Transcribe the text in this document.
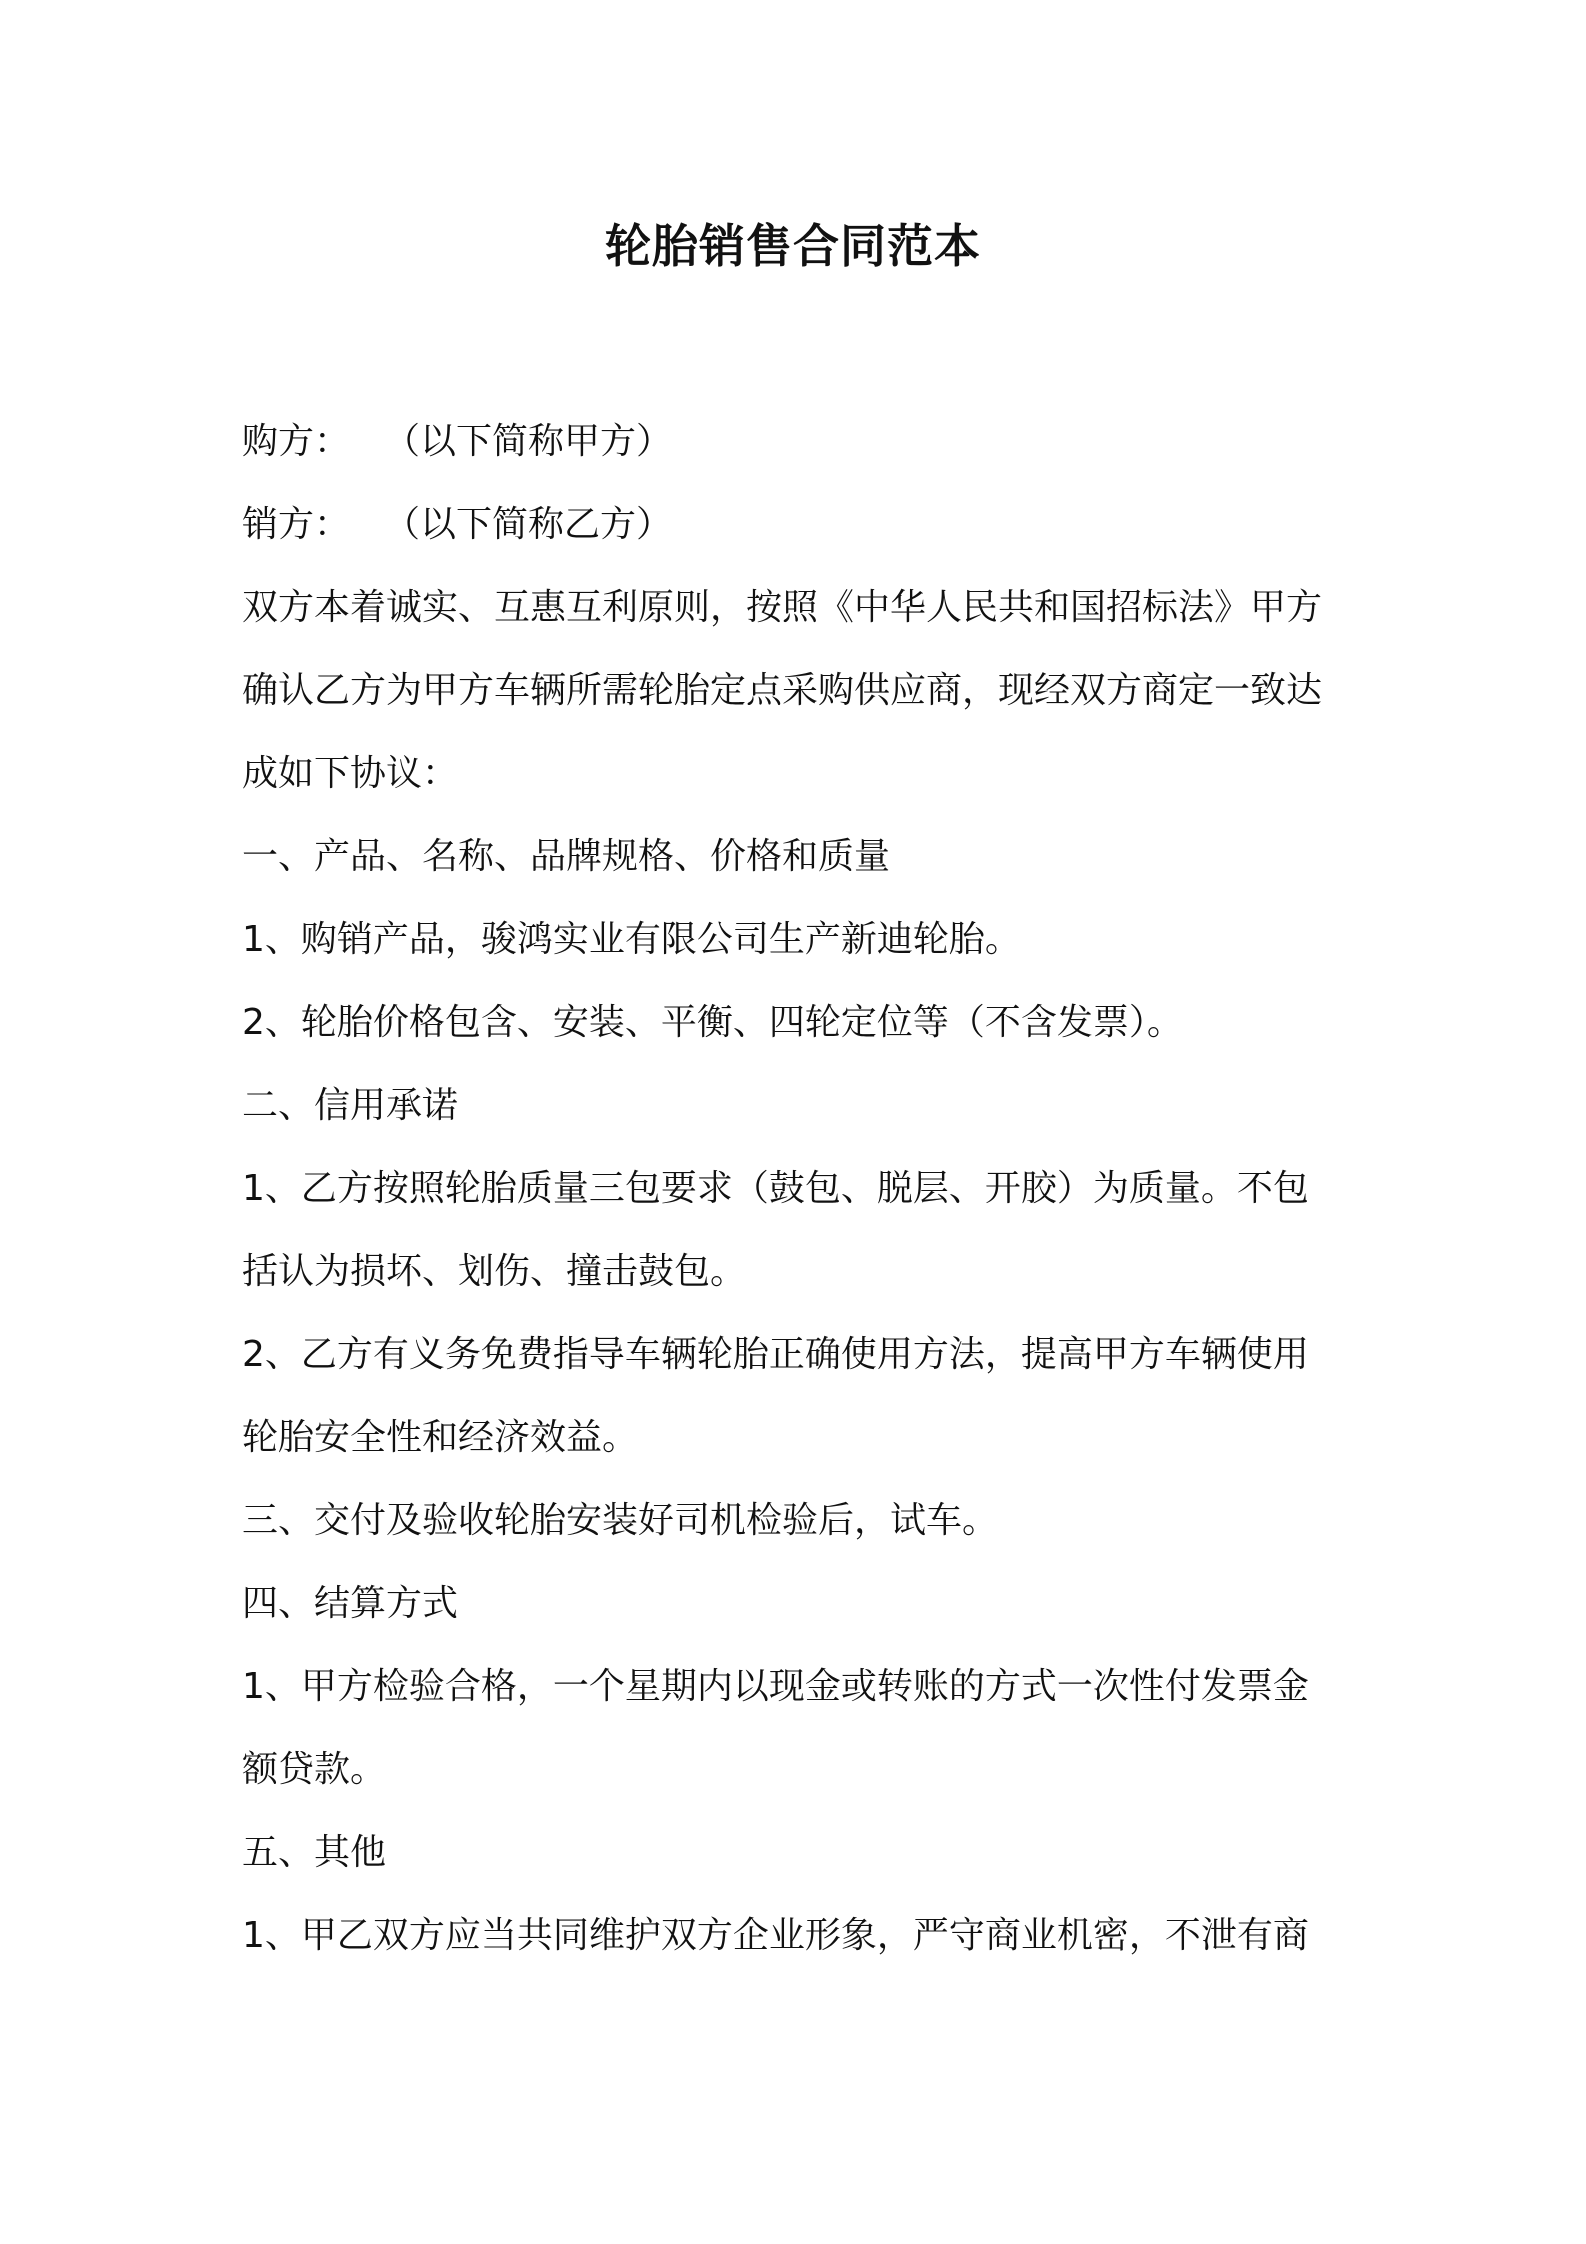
轮胎销售合同范本
购方： （以下简称甲方）
销方： （以下简称乙方）
双方本着诚实、互惠互利原则，按照《中华人民共和国招标法》甲方
确认乙方为甲方车辆所需轮胎定点采购供应商，现经双方商定一致达
成如下协议：
一、产品、名称、品牌规格、价格和质量
1、购销产品，骏鸿实业有限公司生产新迪轮胎。
2、轮胎价格包含、安装、平衡、四轮定位等（不含发票）。
二、信用承诺
1、乙方按照轮胎质量三包要求（鼓包、脱层、开胶）为质量。不包
括认为损坏、划伤、撞击鼓包。
2、乙方有义务免费指导车辆轮胎正确使用方法，提高甲方车辆使用
轮胎安全性和经济效益。
三、交付及验收轮胎安装好司机检验后，试车。
四、结算方式
1、甲方检验合格，一个星期内以现金或转账的方式一次性付发票金
额贷款。
五、其他
1、甲乙双方应当共同维护双方企业形象，严守商业机密，不泄有商
